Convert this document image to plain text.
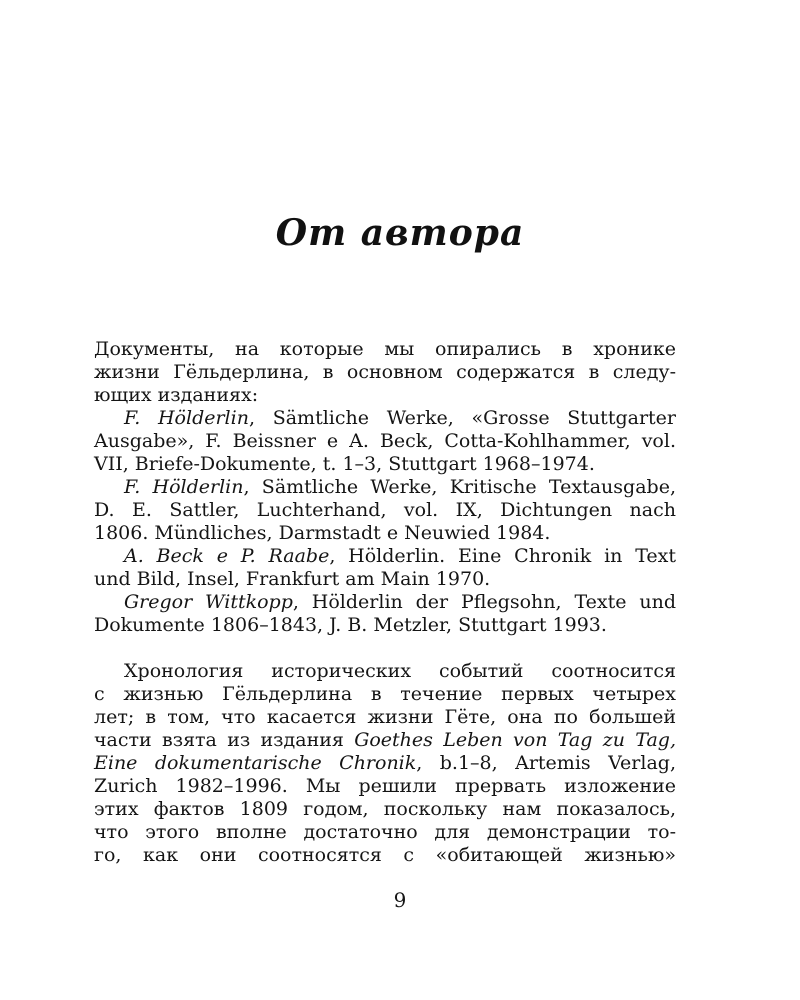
От автора
Документы, на которые мы опирались в хронике
жизни Гёльдерлина, в основном содержатся в следу-
ющих изданиях:
F. Hölderlin, Sämtliche Werke, «Grosse Stuttgarter
Ausgabe», F. Beissner e A. Beck, Cotta-Kohlhammer, vol.
VII, Briefe-Dokumente, t. 1–3, Stuttgart 1968–1974.
F. Hölderlin, Sämtliche Werke, Kritische Textausgabe,
D. E. Sattler, Luchterhand, vol. IX, Dichtungen nach
1806. Mündliches, Darmstadt e Neuwied 1984.
A. Beck e P. Raabe, Hölderlin. Eine Chronik in Text
und Bild, Insel, Frankfurt am Main 1970.
Gregor Wittkopp, Hölderlin der Pflegsohn, Texte und
Dokumente 1806–1843, J. B. Metzler, Stuttgart 1993.
Хронология исторических событий соотносится
с жизнью Гёльдерлина в течение первых четырех
лет; в том, что касается жизни Гёте, она по большей
части взята из издания Goethes Leben von Tag zu Tag,
Eine dokumentarische Chronik, b.1–8, Artemis Verlag,
Zurich 1982–1996. Мы решили прервать изложение
этих фактов 1809 годом, поскольку нам показалось,
что этого вполне достаточно для демонстрации то-
го, как они соотносятся с «обитающей жизнью»
9
